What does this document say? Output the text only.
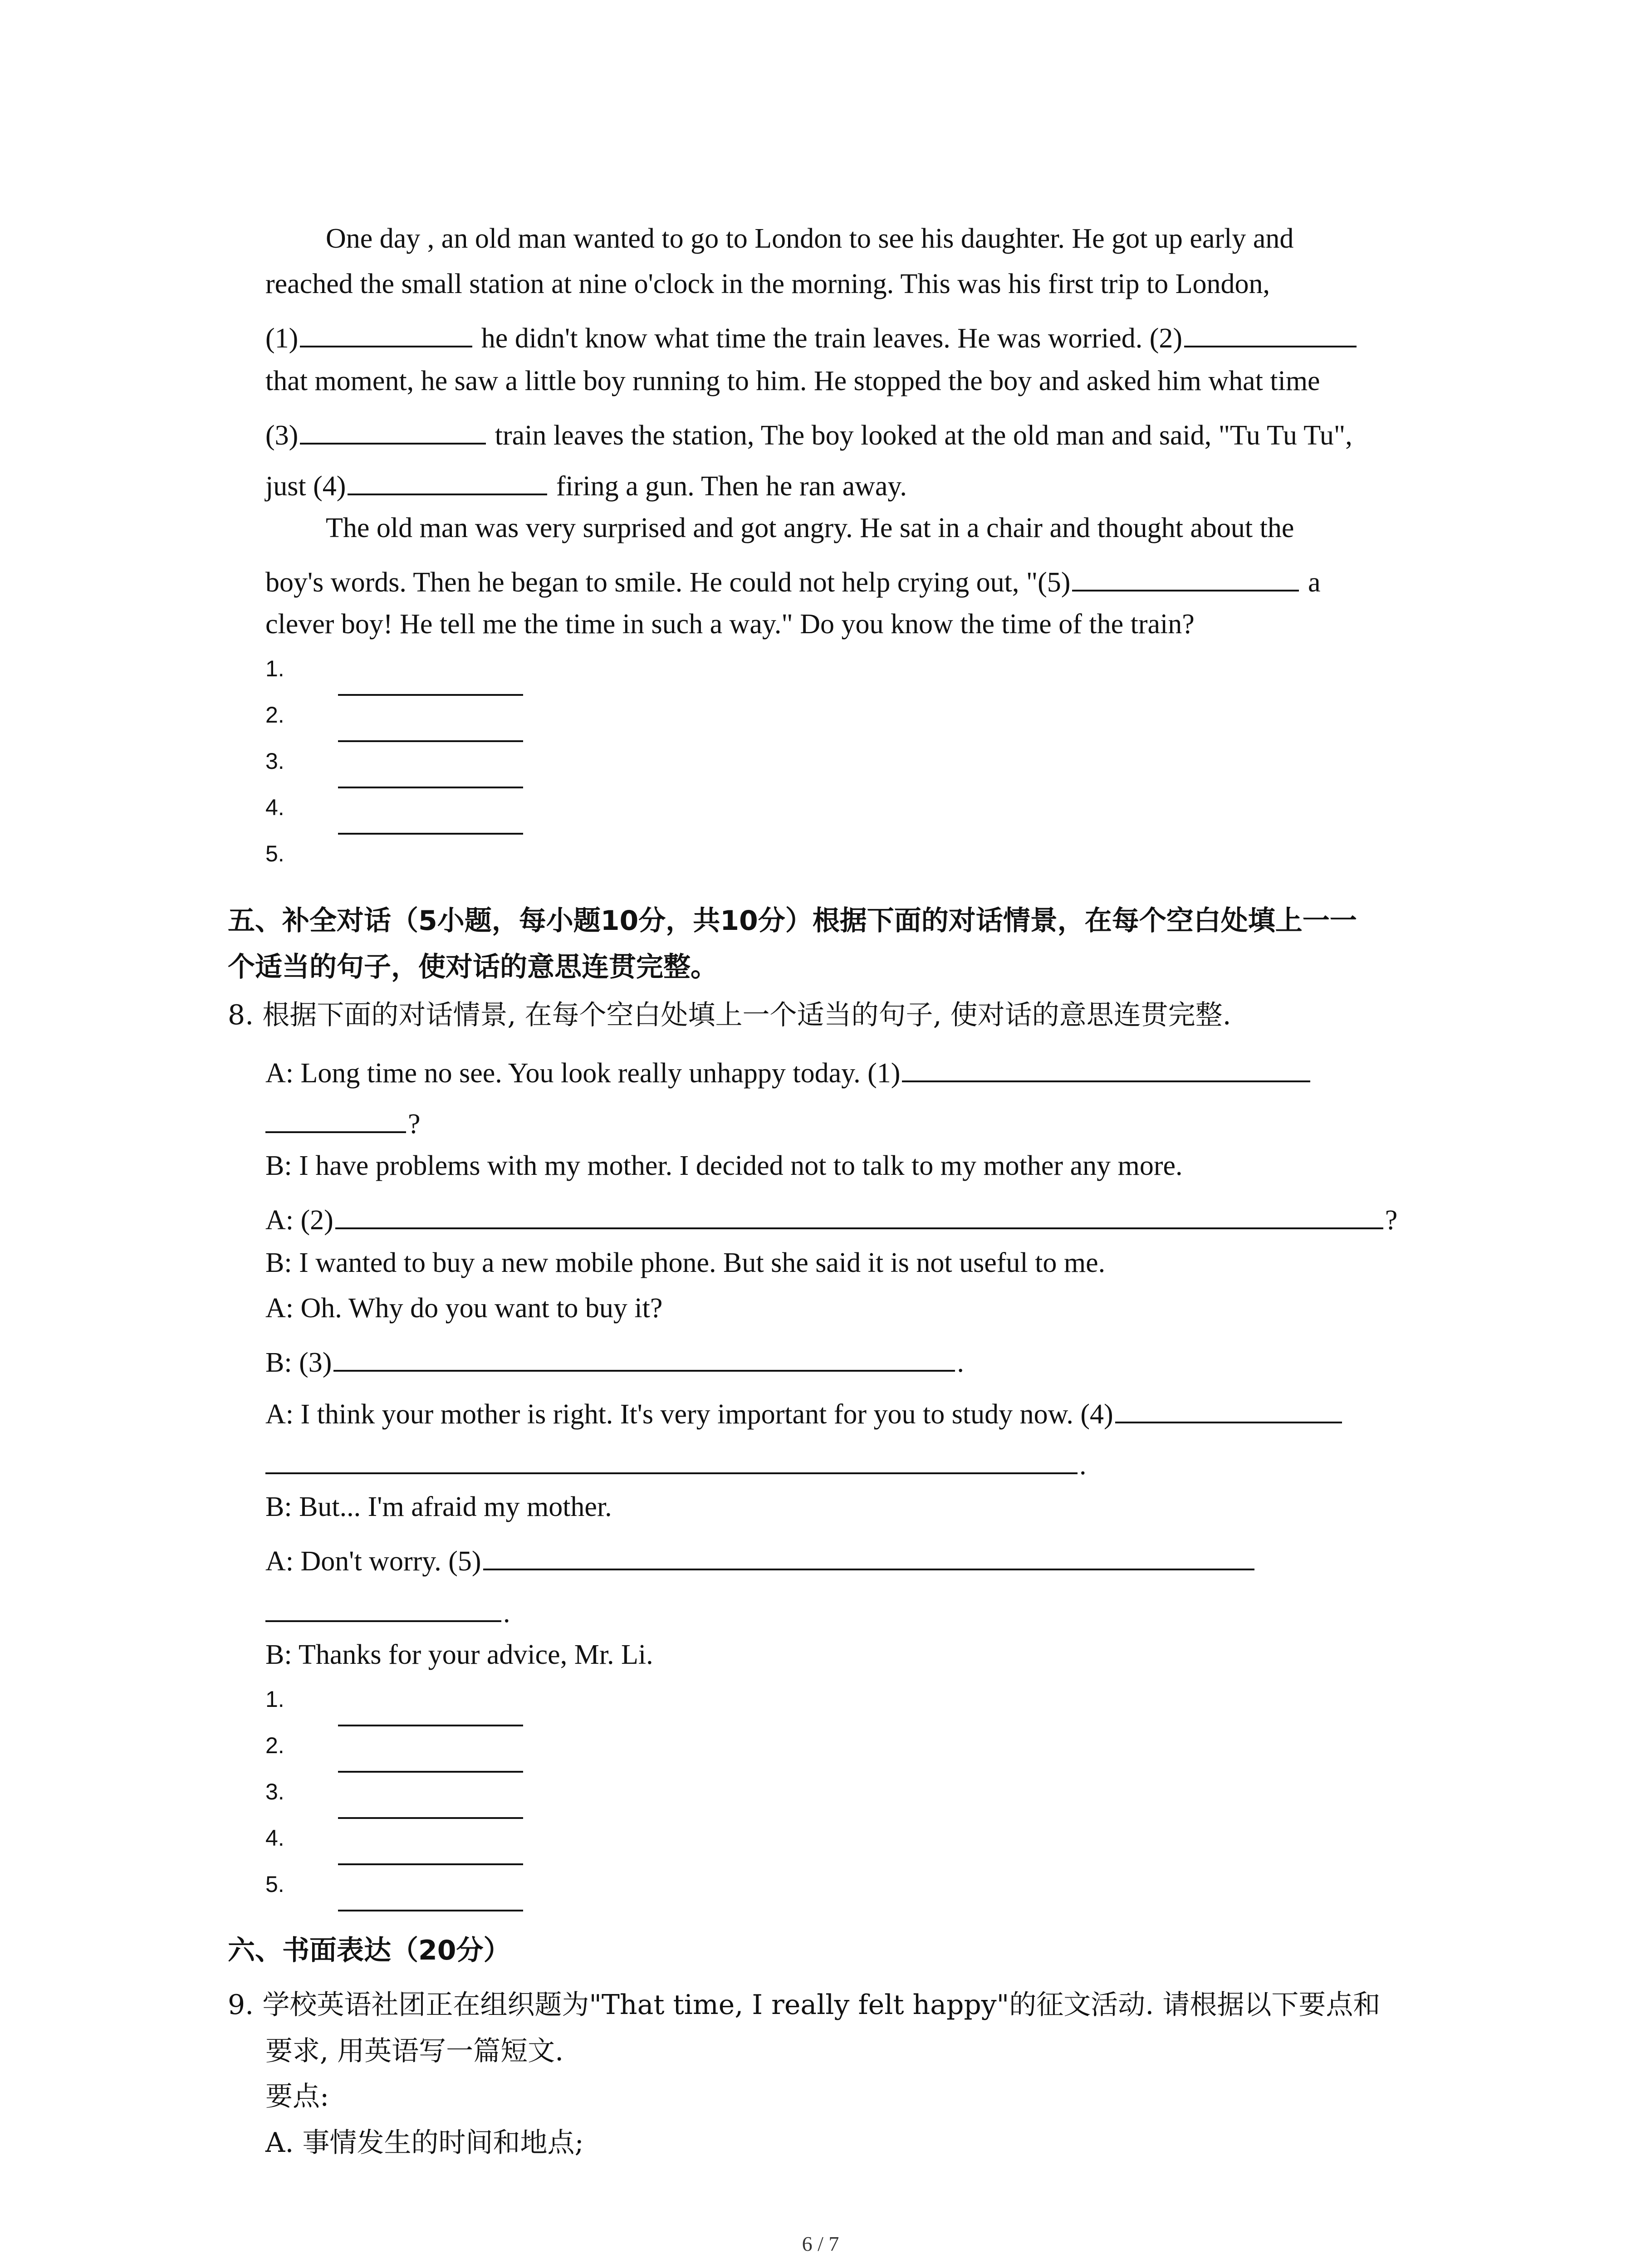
One day , an old man wanted to go to London to see his daughter. He got up early and
reached the small station at nine o'clock in the morning. This was his first trip to London,
(1)	he didn't know what time the train leaves. He was worried. (2)
that moment, he saw a little boy running to him. He stopped the boy and asked him what time
(3)	train leaves the station, The boy looked at the old man and said, "Tu Tu Tu",
just (4)	firing a gun. Then he ran away.
The old man was very surprised and got angry. He sat in a chair and thought about the
boy's words. Then he began to smile. He could not help crying out, "(5)	a
clever boy! He tell me the time in such a way." Do you know the time of the train?
1.
2.
3.
4.
5.
五、补全对话（5小题，每小题10分，共10分）根据下面的对话情景，在每个空白处填上一一
个适当的句子，使对话的意思连贯完整。
8. 根据下面的对话情景, 在每个空白处填上一个适当的句子, 使对话的意思连贯完整.
A: Long time no see. You look really unhappy today. (1)
?
B: I have problems with my mother. I decided not to talk to my mother any more.
A: (2)	?
B: I wanted to buy a new mobile phone. But she said it is not useful to me.
A: Oh. Why do you want to buy it?
B: (3)	.
A: I think your mother is right. It's very important for you to study now. (4)
.
B: But... I'm afraid my mother.
A: Don't worry. (5)
.
B: Thanks for your advice, Mr. Li.
1.
2.
3.
4.
5.
六、书面表达（20分）
9. 学校英语社团正在组织题为"That time, I really felt happy"的征文活动. 请根据以下要点和
要求, 用英语写一篇短文.
要点:
A. 事情发生的时间和地点;
6 / 7
